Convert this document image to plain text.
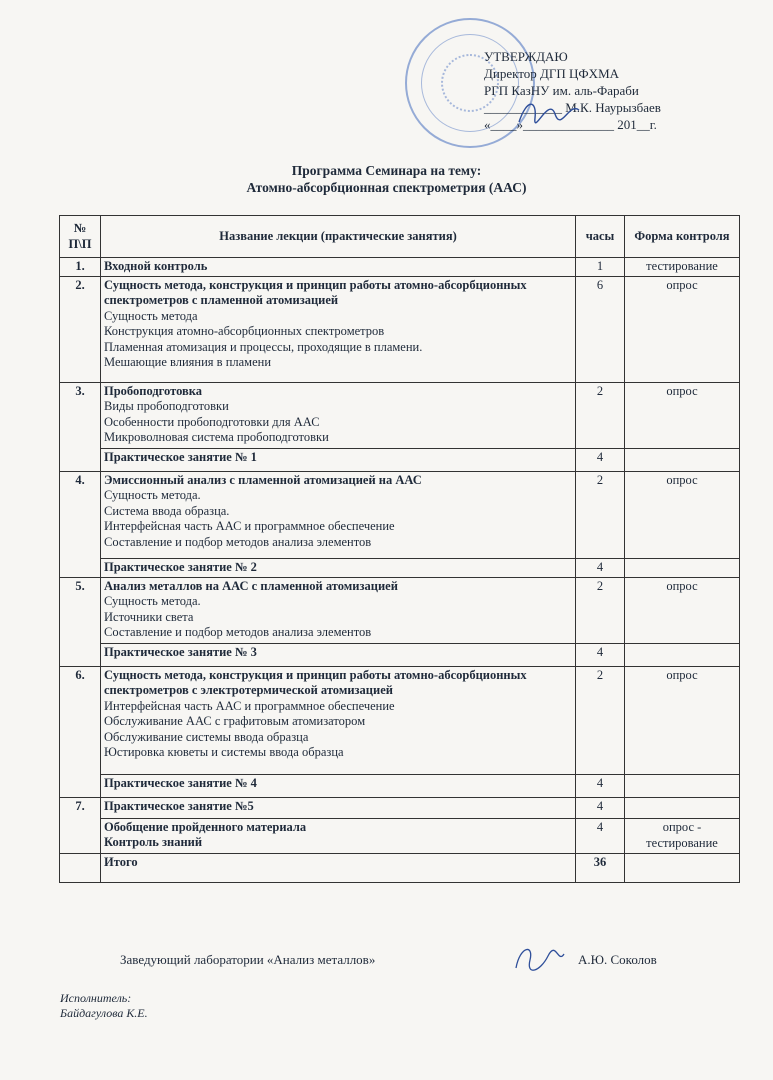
УТВЕРЖДАЮ
Директор ДГП ЦФХМА
РГП КазНУ им. аль-Фараби
____________ М.К. Наурызбаев
«____»______________ 201__г.
Программа Семинара на тему:
Атомно-абсорбционная спектрометрия (ААС)
№ П\П	Название лекции (практические занятия)	часы	Форма контроля
1.	Входной контроль	1	тестирование
2.	Сущность метода, конструкция и принцип работы атомно-абсорбционных спектрометров с пламенной атомизацией
Сущность метода
Конструкция атомно-абсорбционных спектрометров
Пламенная атомизация и процессы, проходящие в пламени.
Мешающие влияния в пламени	6	опрос
3.	Пробоподготовка
Виды пробоподготовки
Особенности пробоподготовки для ААС
Микроволновая система пробоподготовки	2	опрос
	Практическое занятие № 1	4	
4.	Эмиссионный анализ с пламенной атомизацией на ААС
Сущность метода.
Система ввода образца.
Интерфейсная часть ААС и программное обеспечение
Составление и подбор методов анализа элементов	2	опрос
	Практическое занятие № 2	4	
5.	Анализ металлов на ААС с пламенной атомизацией
Сущность метода.
Источники света
Составление и подбор методов анализа элементов	2	опрос
	Практическое занятие № 3	4	
6.	Сущность метода, конструкция и принцип работы атомно-абсорбционных спектрометров с электротермической атомизацией
Интерфейсная часть ААС и программное обеспечение
Обслуживание ААС с графитовым атомизатором
Обслуживание системы ввода образца
Юстировка кюветы и системы ввода образца	2	опрос
	Практическое занятие № 4	4	
7.	Практическое занятие №5	4	
	Обобщение пройденного материала
Контроль знаний	4	опрос - тестирование
	Итого	36	
Заведующий лаборатории «Анализ металлов»	А.Ю. Соколов
Исполнитель:
Байдагулова К.Е.
